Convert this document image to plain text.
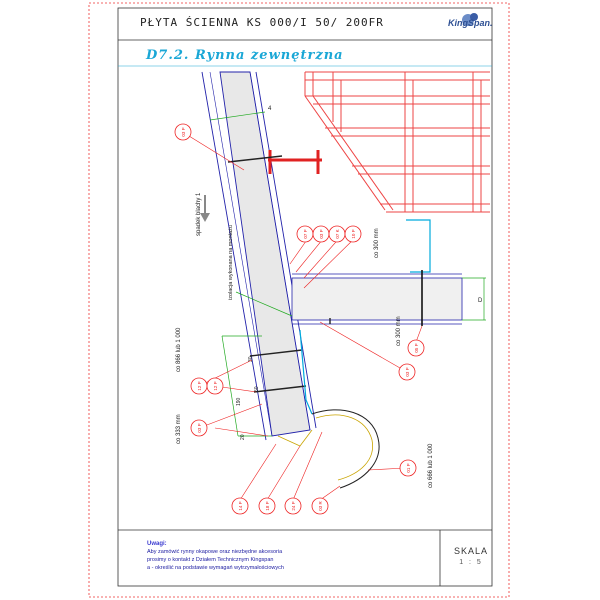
4
spadek blachy 1
izolacja wykonana na montażu	co 300 mm
D
co 300 mm
co 866 lub 1 000
co 333 mm
190
20
30
50
co 666 lub 1 000
03 P
07 P 03 P 07 K 10 P
05 P
03 P
12 P
03 P
14 P	18 P	24 P	03 R
01 P
12 P
PŁYTA ŚCIENNA KS 000/I 50/ 200FR	KingSpan.
D7.2. Rynna zewnętrzna
Uwagi:
Aby zamówić rynny okapowe oraz niezbędne akcesoria
prosimy o kontakt z Działem Technicznym Kingspan
a - określić na podstawie wymagań wytrzymałościowych
SKALA
1 : 5
